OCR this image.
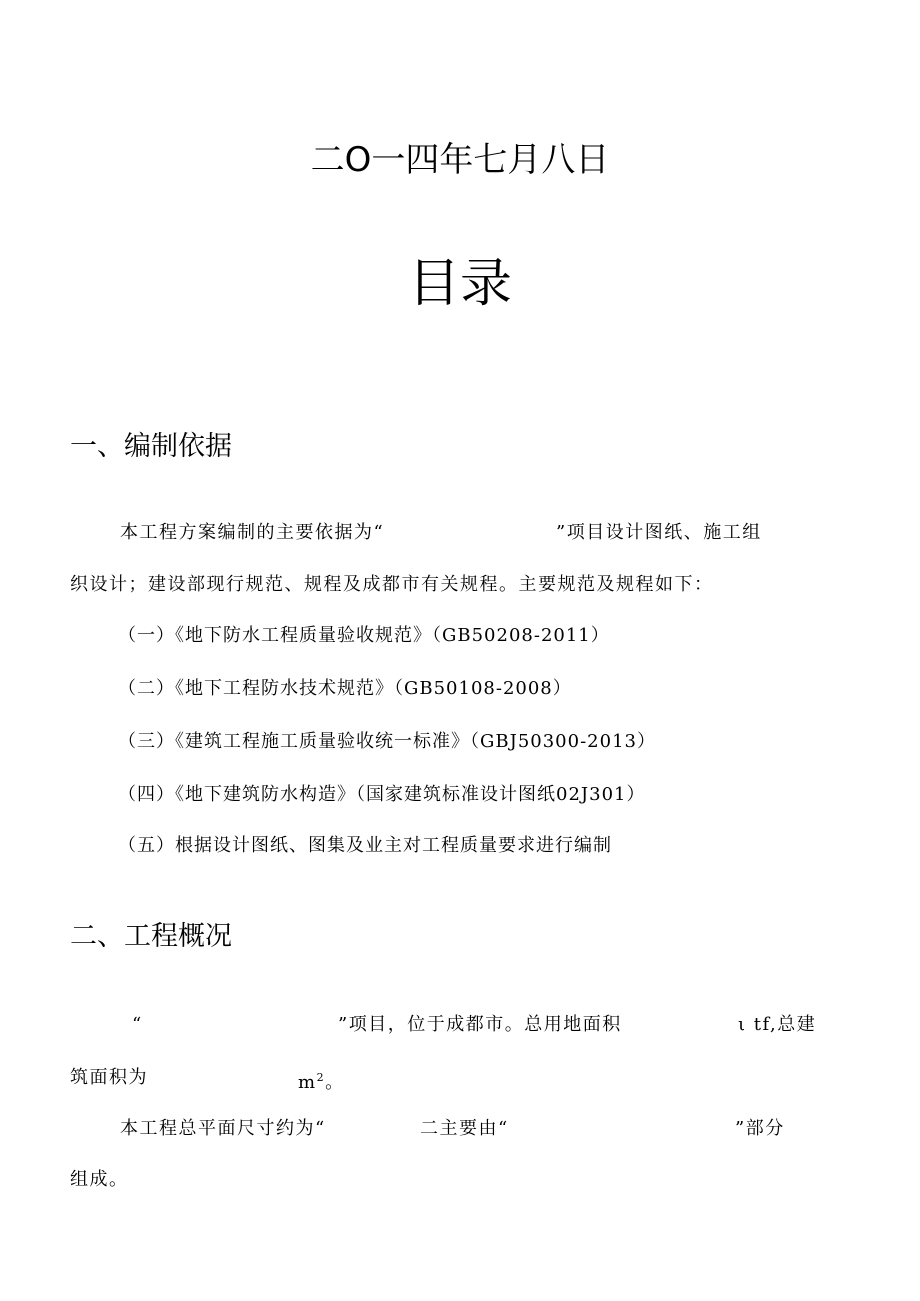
二O一四年七月八日
目录
一、编制依据
本工程方案编制的主要依据为“	”项目设计图纸、施工组
织设计；建设部现行规范、规程及成都市有关规程。主要规范及规程如下：
（一）《地下防水工程质量验收规范》（GB50208-2011）
（二）《地下工程防水技术规范》（GB50108-2008）
（三）《建筑工程施工质量验收统一标准》（GBJ50300-2013）
（四）《地下建筑防水构造》（国家建筑标准设计图纸02J301）
（五）根据设计图纸、图集及业主对工程质量要求进行编制
二、工程概况
“	”项目，位于成都市。总用地面积	ι tf,总建
筑面积为	$m^2$。
本工程总平面尺寸约为“	二主要由“	”部分
组成。
